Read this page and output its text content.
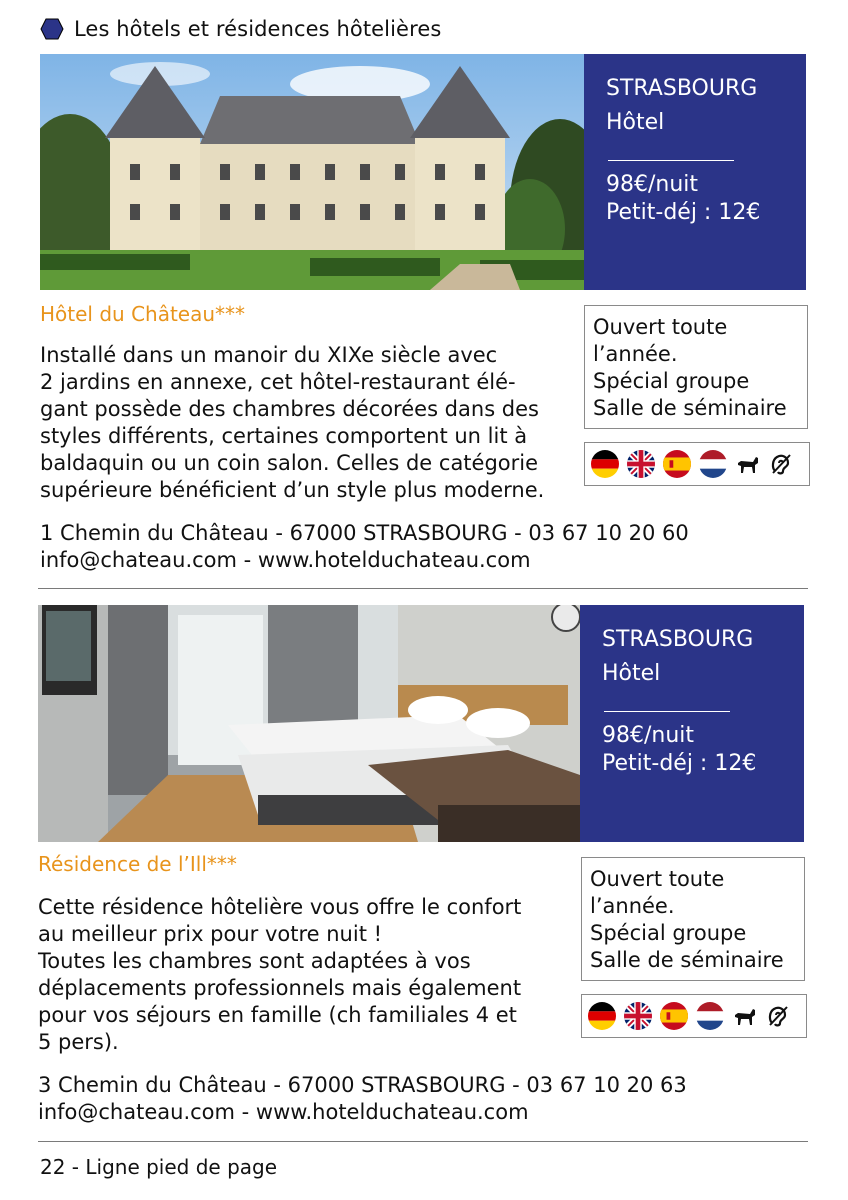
Les hôtels et résidences hôtelières
STRASBOURG
Hôtel
98€/nuit
Petit-déj : 12€
Hôtel du Château***

Installé dans un manoir du XIXe siècle avec
2 jardins en annexe, cet hôtel-restaurant élé-
gant possède des chambres décorées dans des
styles différents, certaines comportent un lit à
baldaquin ou un coin salon. Celles de catégorie
supérieure bénéficient d’un style plus moderne.

Ouvert toute
l’année.
Spécial groupe
Salle de séminaire
1 Chemin du Château - 67000 STRASBOURG - 03 67 10 20 60
info@chateau.com - www.hotelduchateau.com
STRASBOURG
Hôtel
98€/nuit
Petit-déj : 12€
Résidence de l’Ill***

Cette résidence hôtelière vous offre le confort
au meilleur prix pour votre nuit !
Toutes les chambres sont adaptées à vos
déplacements professionnels mais également
pour vos séjours en famille (ch familiales 4 et
5 pers).

Ouvert toute
l’année.
Spécial groupe
Salle de séminaire
3 Chemin du Château - 67000 STRASBOURG - 03 67 10 20 63
info@chateau.com - www.hotelduchateau.com
22 - Ligne pied de page
